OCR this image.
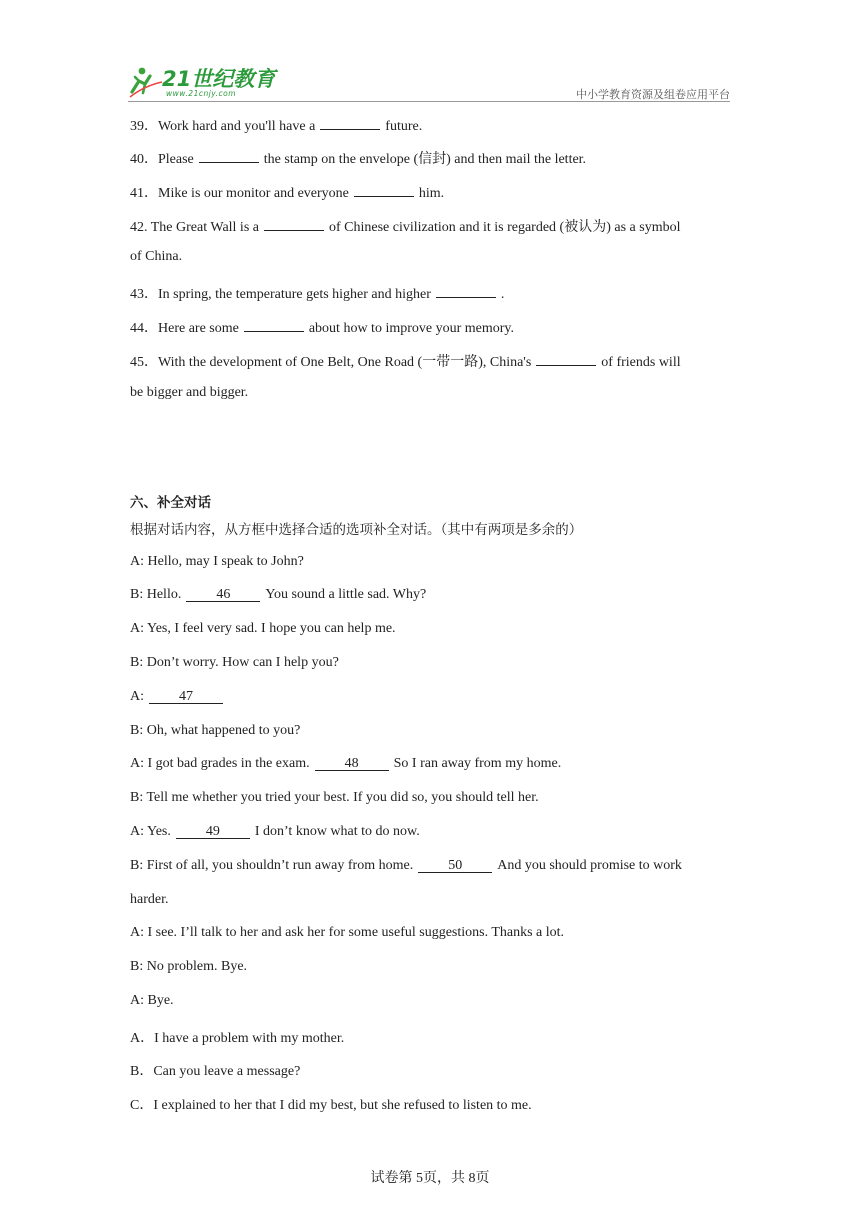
21世纪教育
www.21cnjy.com	中小学教育资源及组卷应用平台
39．Work hard and you'll have a	future.
40．Please	the stamp on the envelope (信封) and then mail the letter.
41．Mike is our monitor and everyone	him.
42. The Great Wall is a	of Chinese civilization and it is regarded (被认为) as a symbol
of China.
43．In spring, the temperature gets higher and higher	.
44．Here are some	about how to improve your memory.
45．With the development of One Belt, One Road (一带一路), China's	of friends will
be bigger and bigger.
六、补全对话
根据对话内容，从方框中选择合适的选项补全对话。（其中有两项是多余的）
A: Hello, may I speak to John?
B: Hello.	46	You sound a little sad. Why?
A: Yes, I feel very sad. I hope you can help me.
B: Don’t worry. How can I help you?
A:	47
B: Oh, what happened to you?
A: I got bad grades in the exam.	48	So I ran away from my home.
B: Tell me whether you tried your best. If you did so, you should tell her.
A: Yes.	49	I don’t know what to do now.
B: First of all, you shouldn’t run away from home.	50	And you should promise to work
harder.
A: I see. I’ll talk to her and ask her for some useful suggestions. Thanks a lot.
B: No problem. Bye.
A: Bye.
A．I have a problem with my mother.
B．Can you leave a message?
C．I explained to her that I did my best, but she refused to listen to me.
试卷第 5页，共 8页
